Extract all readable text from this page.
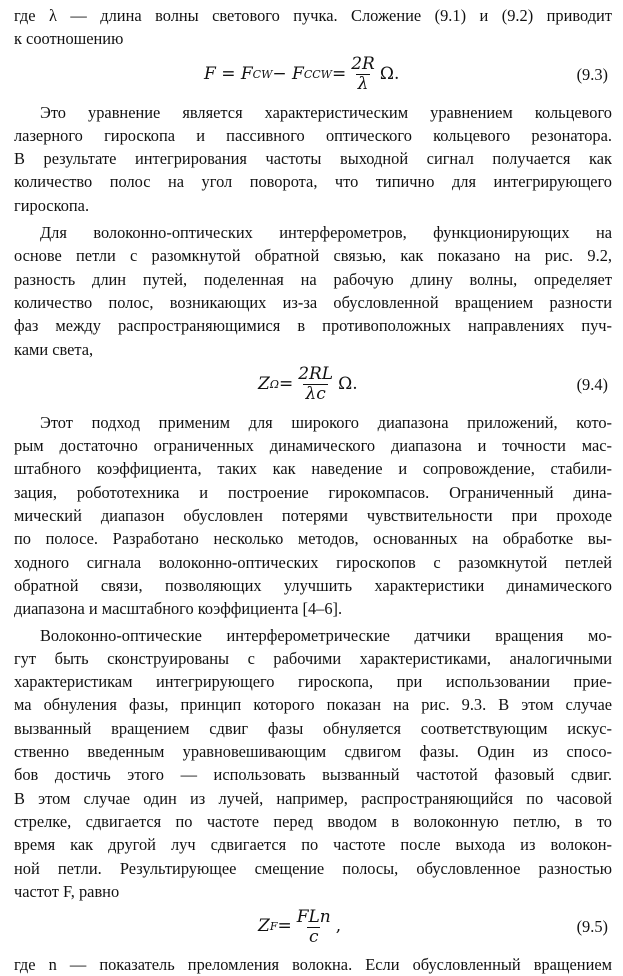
где λ — длина волны светового пучка. Сложение (9.1) и (9.2) приводит

к соотношению

F = F CW − F CCW = $\frac{2R}{\lambda} \Omega$.	(9.3)

Это уравнение является характеристическим уравнением кольцевого

лазерного гироскопа и пассивного оптического кольцевого резонатора.

В результате интегрирования частоты выходной сигнал получается как

количество полос на угол поворота, что типично для интегрирующего

гироскопа.

Для волоконно-оптических интерферометров, функционирующих на

основе петли с разомкнутой обратной связью, как показано на рис. 9.2,

разность длин путей, поделенная на рабочую длину волны, определяет

количество полос, возникающих из-за обусловленной вращением разности

фаз между распространяющимися в противоположных направлениях пуч-

ками света,

Z $\Omega = \frac{2RL}{\lambda c} \Omega$.	(9.4)

Этот подход применим для широкого диапазона приложений, кото-

рым достаточно ограниченных динамического диапазона и точности мас-

штабного коэффициента, таких как наведение и сопровождение, стабили-

зация, робототехника и построение гирокомпасов. Ограниченный дина-

мический диапазон обусловлен потерями чувствительности при проходе

по полосе. Разработано несколько методов, основанных на обработке вы-

ходного сигнала волоконно-оптических гироскопов с разомкнутой петлей

обратной связи, позволяющих улучшить характеристики динамического

диапазона и масштабного коэффициента [4–6].

Волоконно-оптические интерферометрические датчики вращения мо-

гут быть сконструированы с рабочими характеристиками, аналогичными

характеристикам интегрирующего гироскопа, при использовании прие-

ма обнуления фазы, принцип которого показан на рис. 9.3. В этом случае

вызванный вращением сдвиг фазы обнуляется соответствующим искус-

ственно введенным уравновешивающим сдвигом фазы. Один из спосо-

бов достичь этого — использовать вызванный частотой фазовый сдвиг.

В этом случае один из лучей, например, распространяющийся по часовой

стрелке, сдвигается по частоте перед вводом в волоконную петлю, в то

время как другой луч сдвигается по частоте после выхода из волокон-

ной петли. Результирующее смещение полосы, обусловленное разностью

частот F, равно

Z $F = \frac{\text{FLn}}{c}$ ,	(9.5)

где n — показатель преломления волокна. Если обусловленный вращением
